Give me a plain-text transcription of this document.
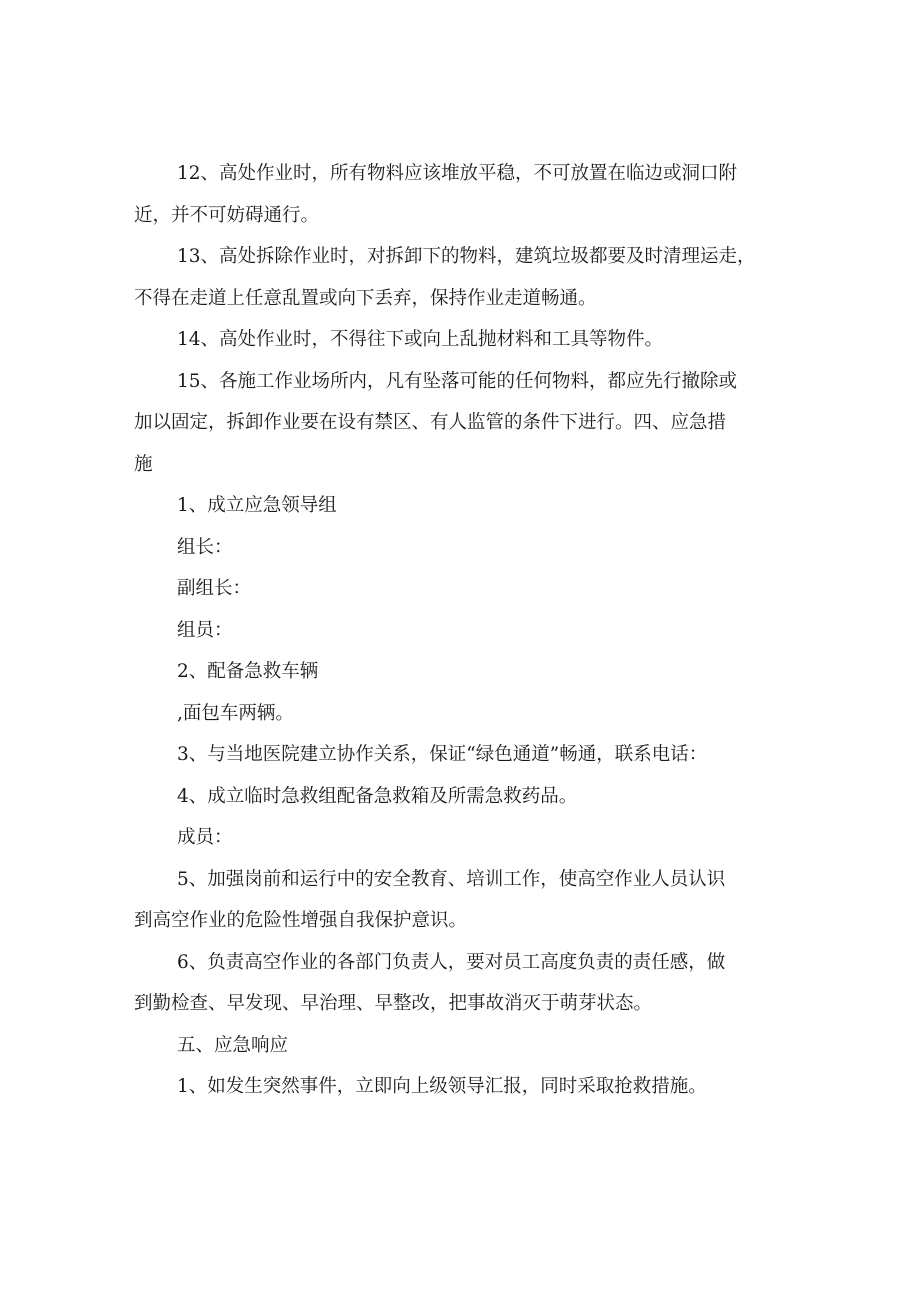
12、高处作业时，所有物料应该堆放平稳，不可放置在临边或洞口附

近，并不可妨碍通行。

13、高处拆除作业时，对拆卸下的物料，建筑垃圾都要及时清理运走，

不得在走道上任意乱置或向下丢弃，保持作业走道畅通。

14、高处作业时，不得往下或向上乱抛材料和工具等物件。

15、各施工作业场所内，凡有坠落可能的任何物料，都应先行撤除或

加以固定，拆卸作业要在设有禁区、有人监管的条件下进行。四、应急措

施

1、成立应急领导组

组长：

副组长：

组员：

2、配备急救车辆

,面包车两辆。

3、与当地医院建立协作关系，保证“绿色通道”畅通，联系电话：

4、成立临时急救组配备急救箱及所需急救药品。

成员：

5、加强岗前和运行中的安全教育、培训工作，使高空作业人员认识

到高空作业的危险性增强自我保护意识。

6、负责高空作业的各部门负责人，要对员工高度负责的责任感，做

到勤检查、早发现、早治理、早整改，把事故消灭于萌芽状态。

五、应急响应

1、如发生突然事件，立即向上级领导汇报，同时采取抢救措施。
